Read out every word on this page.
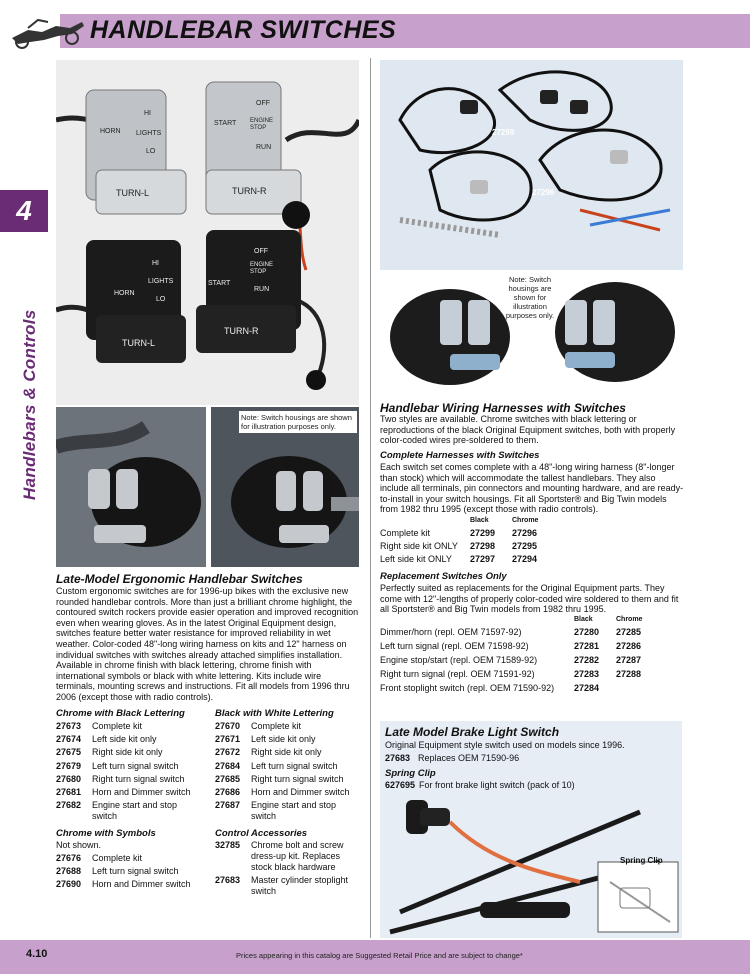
HANDLEBAR SWITCHES
4
Handlebars & Controls
HORN
HI
LIGHTS
LO
TURN-L
START
OFF
ENGINE STOP
RUN
TURN-R
HORN
HI
LIGHTS
LO
TURN-L
START
OFF
ENGINE STOP
RUN
TURN-R
Note: Switch housings are shown for illustration purposes only.
Late-Model Ergonomic Handlebar Switches
Custom ergonomic switches are for 1996-up bikes with the exclusive new rounded handlebar controls. More than just a brilliant chrome highlight, the contoured switch rockers provide easier operation and improved recognition even when wearing gloves. As in the latest Original Equipment design, switches feature better water resistance for improved reliability in wet weather. Color-coded 48"-long wiring harness on kits and 12" harness on individual switches with switches already attached simplifies installation. Available in chrome finish with black lettering, chrome finish with international symbols or black with white lettering. Kits include wire terminals, mounting screws and instructions. Fit all models from 1996 thru 2006 (except those with radio controls).
Chrome with Black Lettering
27673 Complete kit
27674 Left side kit only
27675 Right side kit only
27679 Left turn signal switch
27680 Right turn signal switch
27681 Horn and Dimmer switch
27682 Engine start and stop switch
Black with White Lettering
27670 Complete kit
27671 Left side kit only
27672 Right side kit only
27684 Left turn signal switch
27685 Right turn signal switch
27686 Horn and Dimmer switch
27687 Engine start and stop switch
Chrome with Symbols
Not shown.
27676 Complete kit
27688 Left turn signal switch
27690 Horn and Dimmer switch
Control Accessories
32785 Chrome bolt and screw dress-up kit. Replaces stock black hardware
27683 Master cylinder stoplight switch
27299
27296
Note: Switch housings are shown for illustration purposes only.
Handlebar Wiring Harnesses with Switches
Two styles are available. Chrome switches with black lettering or reproductions of the black Original Equipment switches, both with properly color-coded wires pre-soldered to them.
Complete Harnesses with Switches
Each switch set comes complete with a 48"-long wiring harness (8"-longer than stock) which will accommodate the tallest handlebars. They also include all terminals, pin connectors and mounting hardware, and are ready-to-install in your switch housings. Fit all Sportster® and Big Twin models from 1982 thru 1995 (except those with radio controls).
Black	Chrome
Complete kit	27299 27296
Right side kit ONLY 27298 27295
Left side kit ONLY 27297 27294
Replacement Switches Only
Perfectly suited as replacements for the Original Equipment parts. They come with 12"-lengths of properly color-coded wire soldered to them and fit all Sportster® and Big Twin models from 1982 thru 1995.
Black	Chrome
Dimmer/horn (repl. OEM 71597-92)	27280 27285
Left turn signal (repl. OEM 71598-92)	27281 27286
Engine stop/start (repl. OEM 71589-92)	27282 27287
Right turn signal (repl. OEM 71591-92)	27283 27288
Front stoplight switch (repl. OEM 71590-92) 27284
Late Model Brake Light Switch
Original Equipment style switch used on models since 1996.
27683 Replaces OEM 71590-96
Spring Clip
627695 For front brake light switch (pack of 10)
Spring Clip
4.10	Prices appearing in this catalog are Suggested Retail Price and are subject to change*
